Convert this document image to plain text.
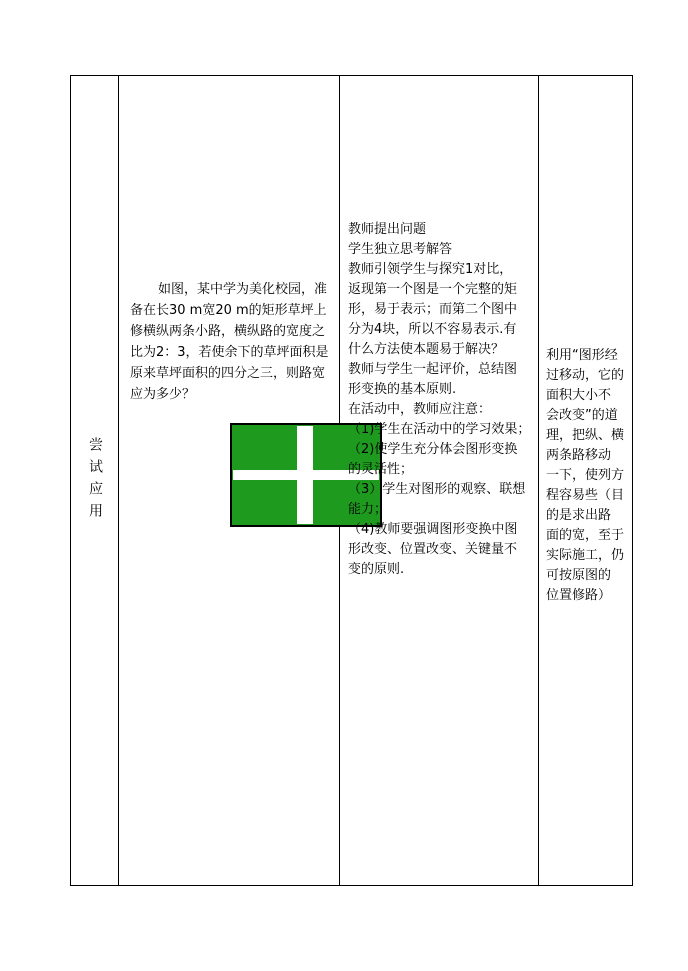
尝试应用
如图，某中学为美化校园，准备在长30 m宽20 m的矩形草坪上修横纵两条小路，横纵路的宽度之比为2：3，若使余下的草坪面积是原来草坪面积的四分之三，则路宽应为多少？
教师提出问题
学生独立思考解答
教师引领学生与探究1对比，
返现第一个图是一个完整的矩
形，易于表示；而第二个图中
分为4块，所以不容易表示.有
什么方法使本题易于解决？
教师与学生一起评价，总结图
形变换的基本原则.
在活动中，教师应注意：
（1)学生在活动中的学习效果；
（2)使学生充分体会图形变换
的灵活性；
（3）学生对图形的观察、联想
能力；
（4)教师要强调图形变换中图
形改变、位置改变、关键量不
变的原则.
利用“图形经
过移动，它的
面积大小不
会改变”的道
理，把纵、横
两条路移动
一下，使列方
程容易些（目
的是求出路
面的宽，至于
实际施工，仍
可按原图的
位置修路）
